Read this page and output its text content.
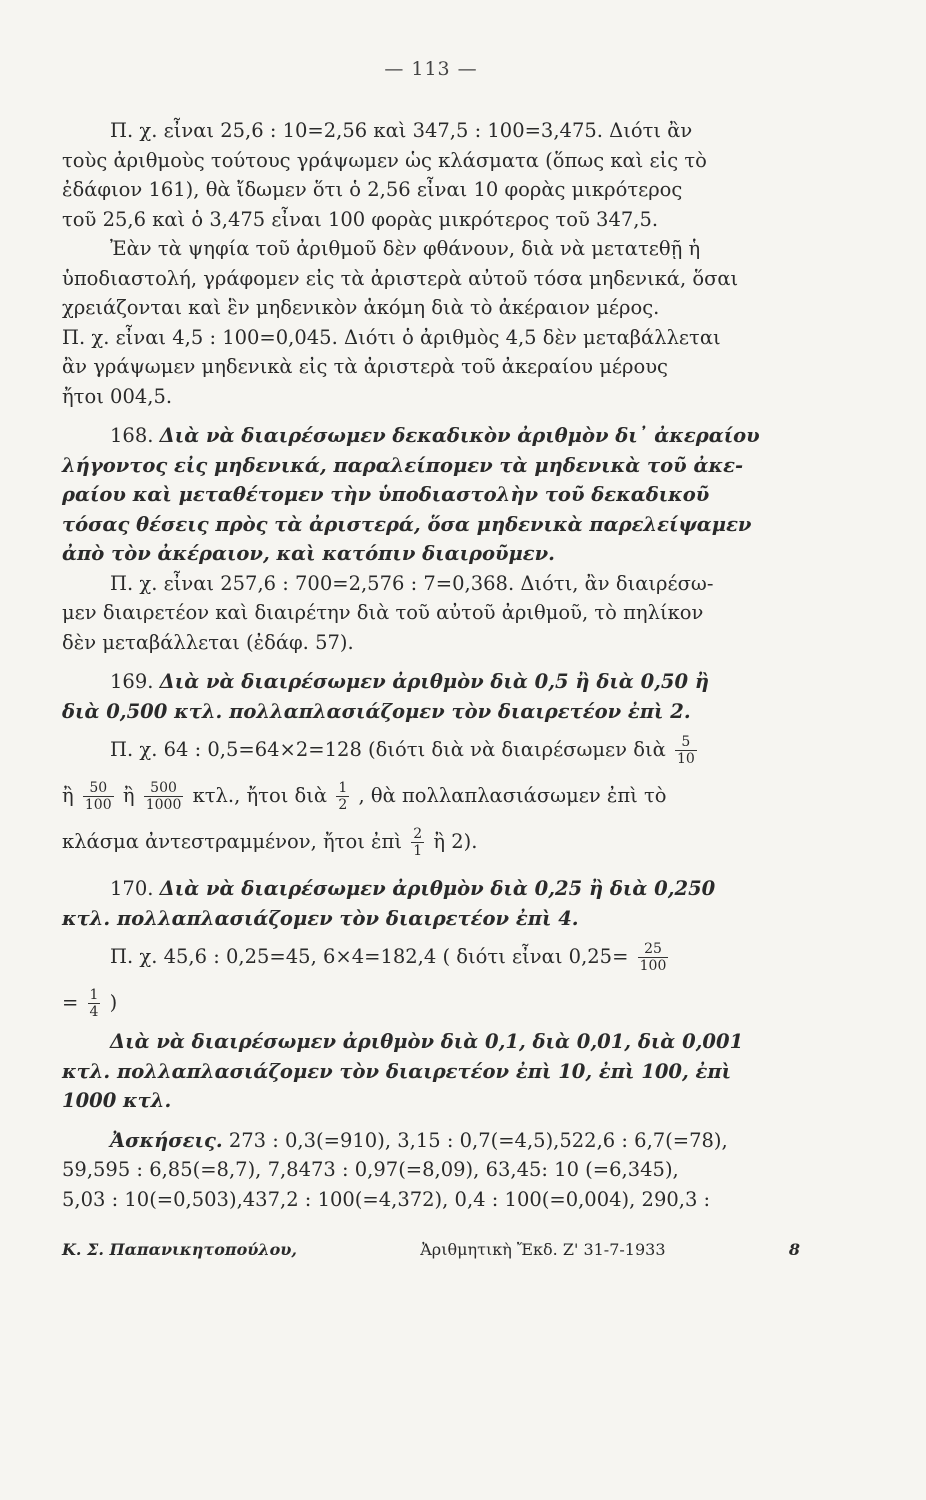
— 113 —

Π. χ. εἶναι 25,6 : 10=2,56 καὶ 347,5 : 100=3,475. Διότι ἂν

τοὺς ἀριθμοὺς τούτους γράψωμεν ὡς κλάσματα (ὅπως καὶ εἰς τὸ

ἐδάφιον 161), θὰ ἴδωμεν ὅτι ὁ 2,56 εἶναι 10 φορὰς μικρότερος

τοῦ 25,6 καὶ ὁ 3,475 εἶναι 100 φορὰς μικρότερος τοῦ 347,5.

Ἐὰν τὰ ψηφία τοῦ ἀριθμοῦ δὲν φθάνουν, διὰ νὰ μετατεθῇ ἡ

ὑποδιαστολή, γράφομεν εἰς τὰ ἀριστερὰ αὐτοῦ τόσα μηδενικά, ὅσαι

χρειάζονται καὶ ἓν μηδενικὸν ἀκόμη διὰ τὸ ἀκέραιον μέρος.

Π. χ. εἶναι 4,5 : 100=0,045. Διότι ὁ ἀριθμὸς 4,5 δὲν μεταβάλλεται

ἂν γράψωμεν μηδενικὰ εἰς τὰ ἀριστερὰ τοῦ ἀκεραίου μέρους

ἤτοι 004,5.

168. Διὰ νὰ διαιρέσωμεν δεκαδικὸν ἀριθμὸν δι᾽ ἀκεραίου

λήγοντος εἰς μηδενικά, παραλείπομεν τὰ μηδενικὰ τοῦ ἀκε-

ραίου καὶ μεταθέτομεν τὴν ὑποδιαστολὴν τοῦ δεκαδικοῦ

τόσας θέσεις πρὸς τὰ ἀριστερά, ὅσα μηδενικὰ παρελείψαμεν

ἀπὸ τὸν ἀκέραιον, καὶ κατόπιν διαιροῦμεν.

Π. χ. εἶναι 257,6 : 700=2,576 : 7=0,368. Διότι, ἂν διαιρέσω-

μεν διαιρετέον καὶ διαιρέτην διὰ τοῦ αὐτοῦ ἀριθμοῦ, τὸ πηλίκον

δὲν μεταβάλλεται (ἐδάφ. 57).

169. Διὰ νὰ διαιρέσωμεν ἀριθμὸν διὰ 0,5 ἢ διὰ 0,50 ἢ

διὰ 0,500 κτλ. πολλαπλασιάζομεν τὸν διαιρετέον ἐπὶ 2.

Π. χ. 64 : 0,5=64×2=128 (διότι διὰ νὰ διαιρέσωμεν διὰ $\frac{5}{10}$
ἢ $\frac{50}{100}$ ἢ $\frac{500}{1000} \kappa\tau\lambda$., ἤτοι διὰ $\frac{1}{2}$ , θὰ πολλαπλασιάσωμεν ἐπὶ τὸ
κλάσμα ἀντεστραμμένον, ἤτοι ἐπὶ $\frac{2}{1}$ ἢ 2).

170. Διὰ νὰ διαιρέσωμεν ἀριθμὸν διὰ 0,25 ἢ διὰ 0,250

κτλ. πολλαπλασιάζομεν τὸν διαιρετέον ἐπὶ 4.

Π. χ. 45,6 : 0,25=45, 6×4=182,4 ( διότι εἶναι $0,25= \frac{25}{100}$
= $\frac{1}{4}$ )

Διὰ νὰ διαιρέσωμεν ἀριθμὸν διὰ 0,1, διὰ 0,01, διὰ 0,001

κτλ. πολλαπλασιάζομεν τὸν διαιρετέον ἐπὶ 10, ἐπὶ 100, ἐπὶ

1000 κτλ.

Ἀσκήσεις. 273 : 0,3(=910), 3,15 : 0,7(=4,5),522,6 : 6,7(=78),

59,595 : 6,85(=8,7), 7,8473 : 0,97(=8,09), 63,45: 10 (=6,345),

5,03 : 10(=0,503),437,2 : 100(=4,372), 0,4 : 100(=0,004), 290,3 :

Κ. Σ. Παπανικητοπούλου,	Ἀριθμητικὴ Ἔκδ. Ζ' 31-7-1933	8
